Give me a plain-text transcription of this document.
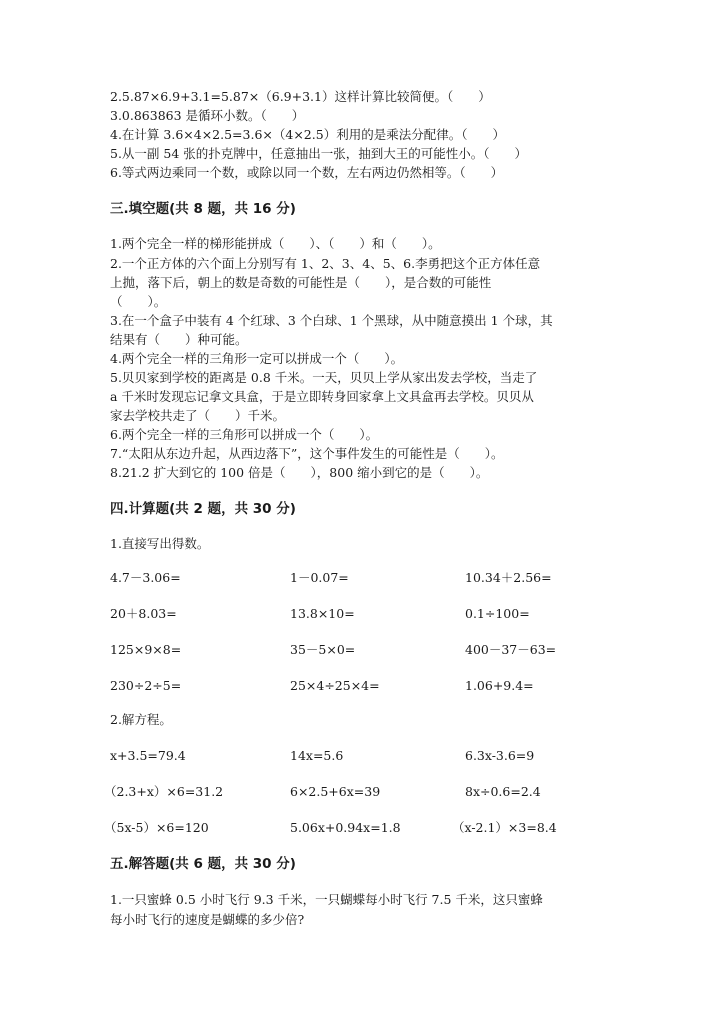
2.5.87×6.9+3.1=5.87×（6.9+3.1）这样计算比较简便。（　　）
3.0.863863 是循环小数。（　　）
4.在计算 3.6×4×2.5=3.6×（4×2.5）利用的是乘法分配律。（　　）
5.从一副 54 张的扑克牌中，任意抽出一张，抽到大王的可能性小。（　　）
6.等式两边乘同一个数，或除以同一个数，左右两边仍然相等。（　　）
三.填空题(共 8 题，共 16 分)
1.两个完全一样的梯形能拼成（　　）、（　　）和（　　）。
2.一个正方体的六个面上分别写有 1、2、3、4、5、6.李勇把这个正方体任意
上抛，落下后，朝上的数是奇数的可能性是（　　），是合数的可能性
（　　）。
3.在一个盒子中装有 4 个红球、3 个白球、1 个黑球，从中随意摸出 1 个球，其
结果有（　　）种可能。
4.两个完全一样的三角形一定可以拼成一个（　　）。
5.贝贝家到学校的距离是 0.8 千米。一天，贝贝上学从家出发去学校，当走了
a 千米时发现忘记拿文具盒，于是立即转身回家拿上文具盒再去学校。贝贝从
家去学校共走了（　　）千米。
6.两个完全一样的三角形可以拼成一个（　　）。
7.“太阳从东边升起，从西边落下”，这个事件发生的可能性是（　　）。
8.21.2 扩大到它的 100 倍是（　　），800 缩小到它的是（　　）。
四.计算题(共 2 题，共 30 分)
1.直接写出得数。
4.7－3.06=	1－0.07=	10.34＋2.56=
20＋8.03=	13.8×10=	0.1÷100=
125×9×8=	35－5×0=	400－37－63=
230÷2÷5=	25×4÷25×4=	1.06+9.4=
2.解方程。
x+3.5=79.4	14x=5.6	6.3x-3.6=9
（2.3+x）×6=31.2	6×2.5+6x=39	8x÷0.6=2.4
（5x-5）×6=120	5.06x+0.94x=1.8	（x-2.1）×3=8.4
五.解答题(共 6 题，共 30 分)
1.一只蜜蜂 0.5 小时飞行 9.3 千米，一只蝴蝶每小时飞行 7.5 千米，这只蜜蜂
每小时飞行的速度是蝴蝶的多少倍?
